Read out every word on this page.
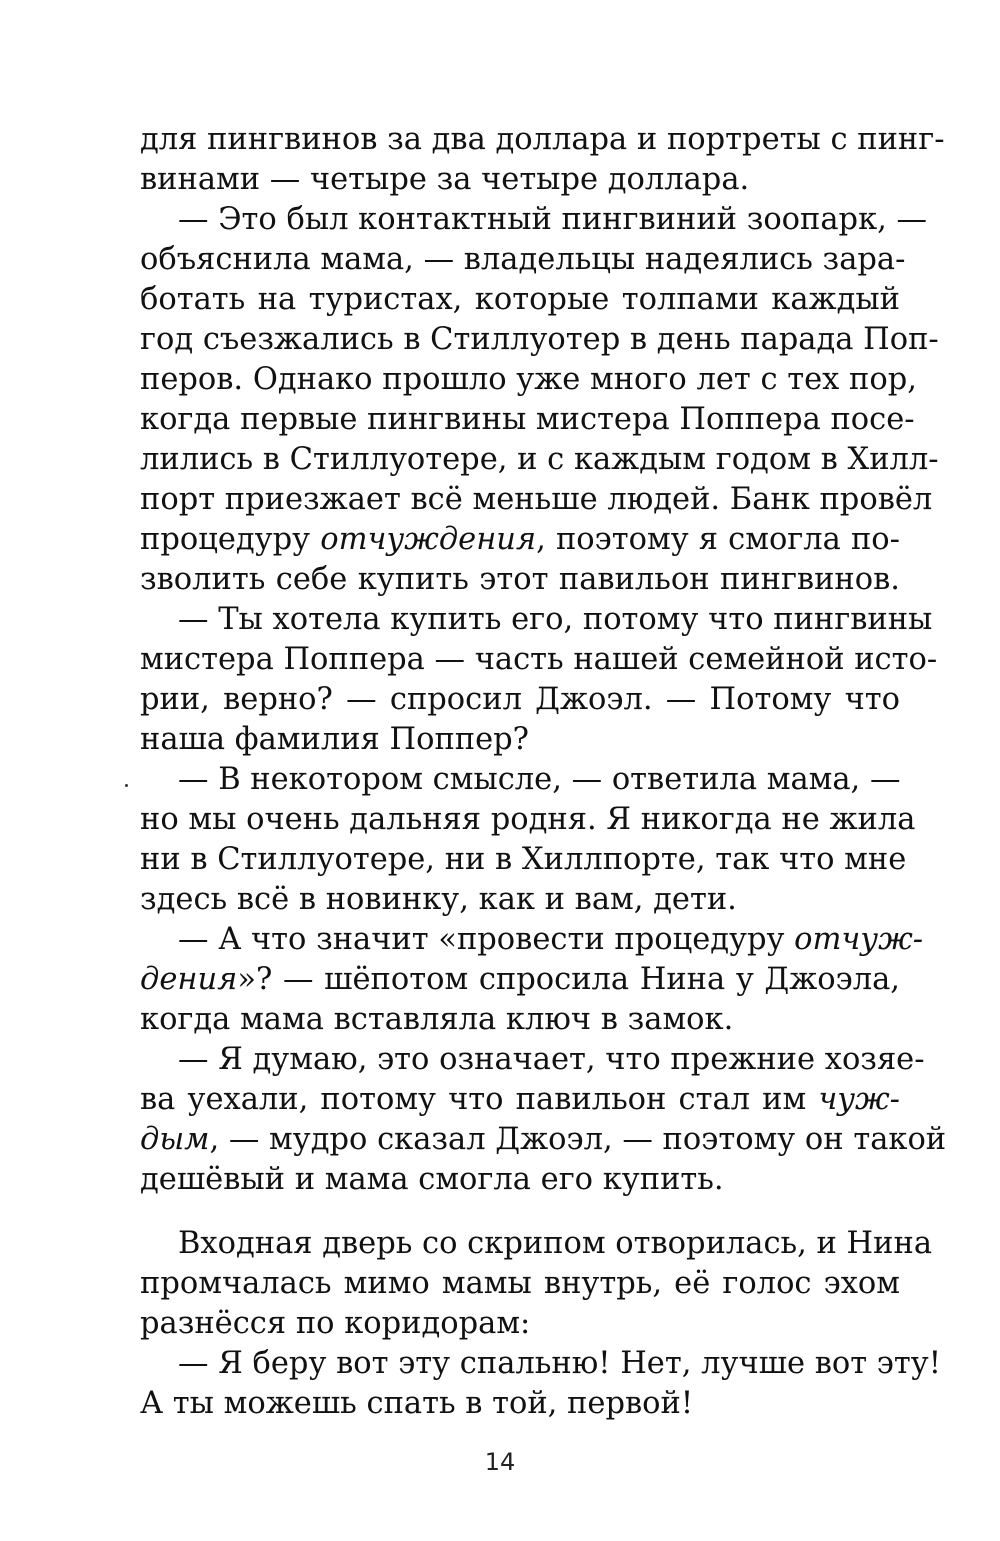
для пингвинов за два доллара и портреты с пинг-
винами — четыре за четыре доллара.
— Это был контактный пингвиний зоопарк, —
объяснила мама, — владельцы надеялись зара-
ботать на туристах, которые толпами каждый
год съезжались в Стиллуотер в день парада Поп-
перов. Однако прошло уже много лет с тех пор,
когда первые пингвины мистера Поппера посе-
лились в Стиллуотере, и с каждым годом в Хилл-
порт приезжает всё меньше людей. Банк провёл
процедуру отчуждения, поэтому я смогла по-
зволить себе купить этот павильон пингвинов.
— Ты хотела купить его, потому что пингвины
мистера Поппера — часть нашей семейной исто-
рии, верно? — спросил Джоэл. — Потому что
наша фамилия Поппер?
— В некотором смысле, — ответила мама, —
но мы очень дальняя родня. Я никогда не жила
ни в Стиллуотере, ни в Хиллпорте, так что мне
здесь всё в новинку, как и вам, дети.
— А что значит «провести процедуру отчуж-
дения»? — шёпотом спросила Нина у Джоэла,
когда мама вставляла ключ в замок.
— Я думаю, это означает, что прежние хозяе-
ва уехали, потому что павильон стал им чуж-
дым, — мудро сказал Джоэл, — поэтому он такой
дешёвый и мама смогла его купить.
Входная дверь со скрипом отворилась, и Нина
промчалась мимо мамы внутрь, её голос эхом
разнёсся по коридорам:
— Я беру вот эту спальню! Нет, лучше вот эту!
А ты можешь спать в той, первой!
14
